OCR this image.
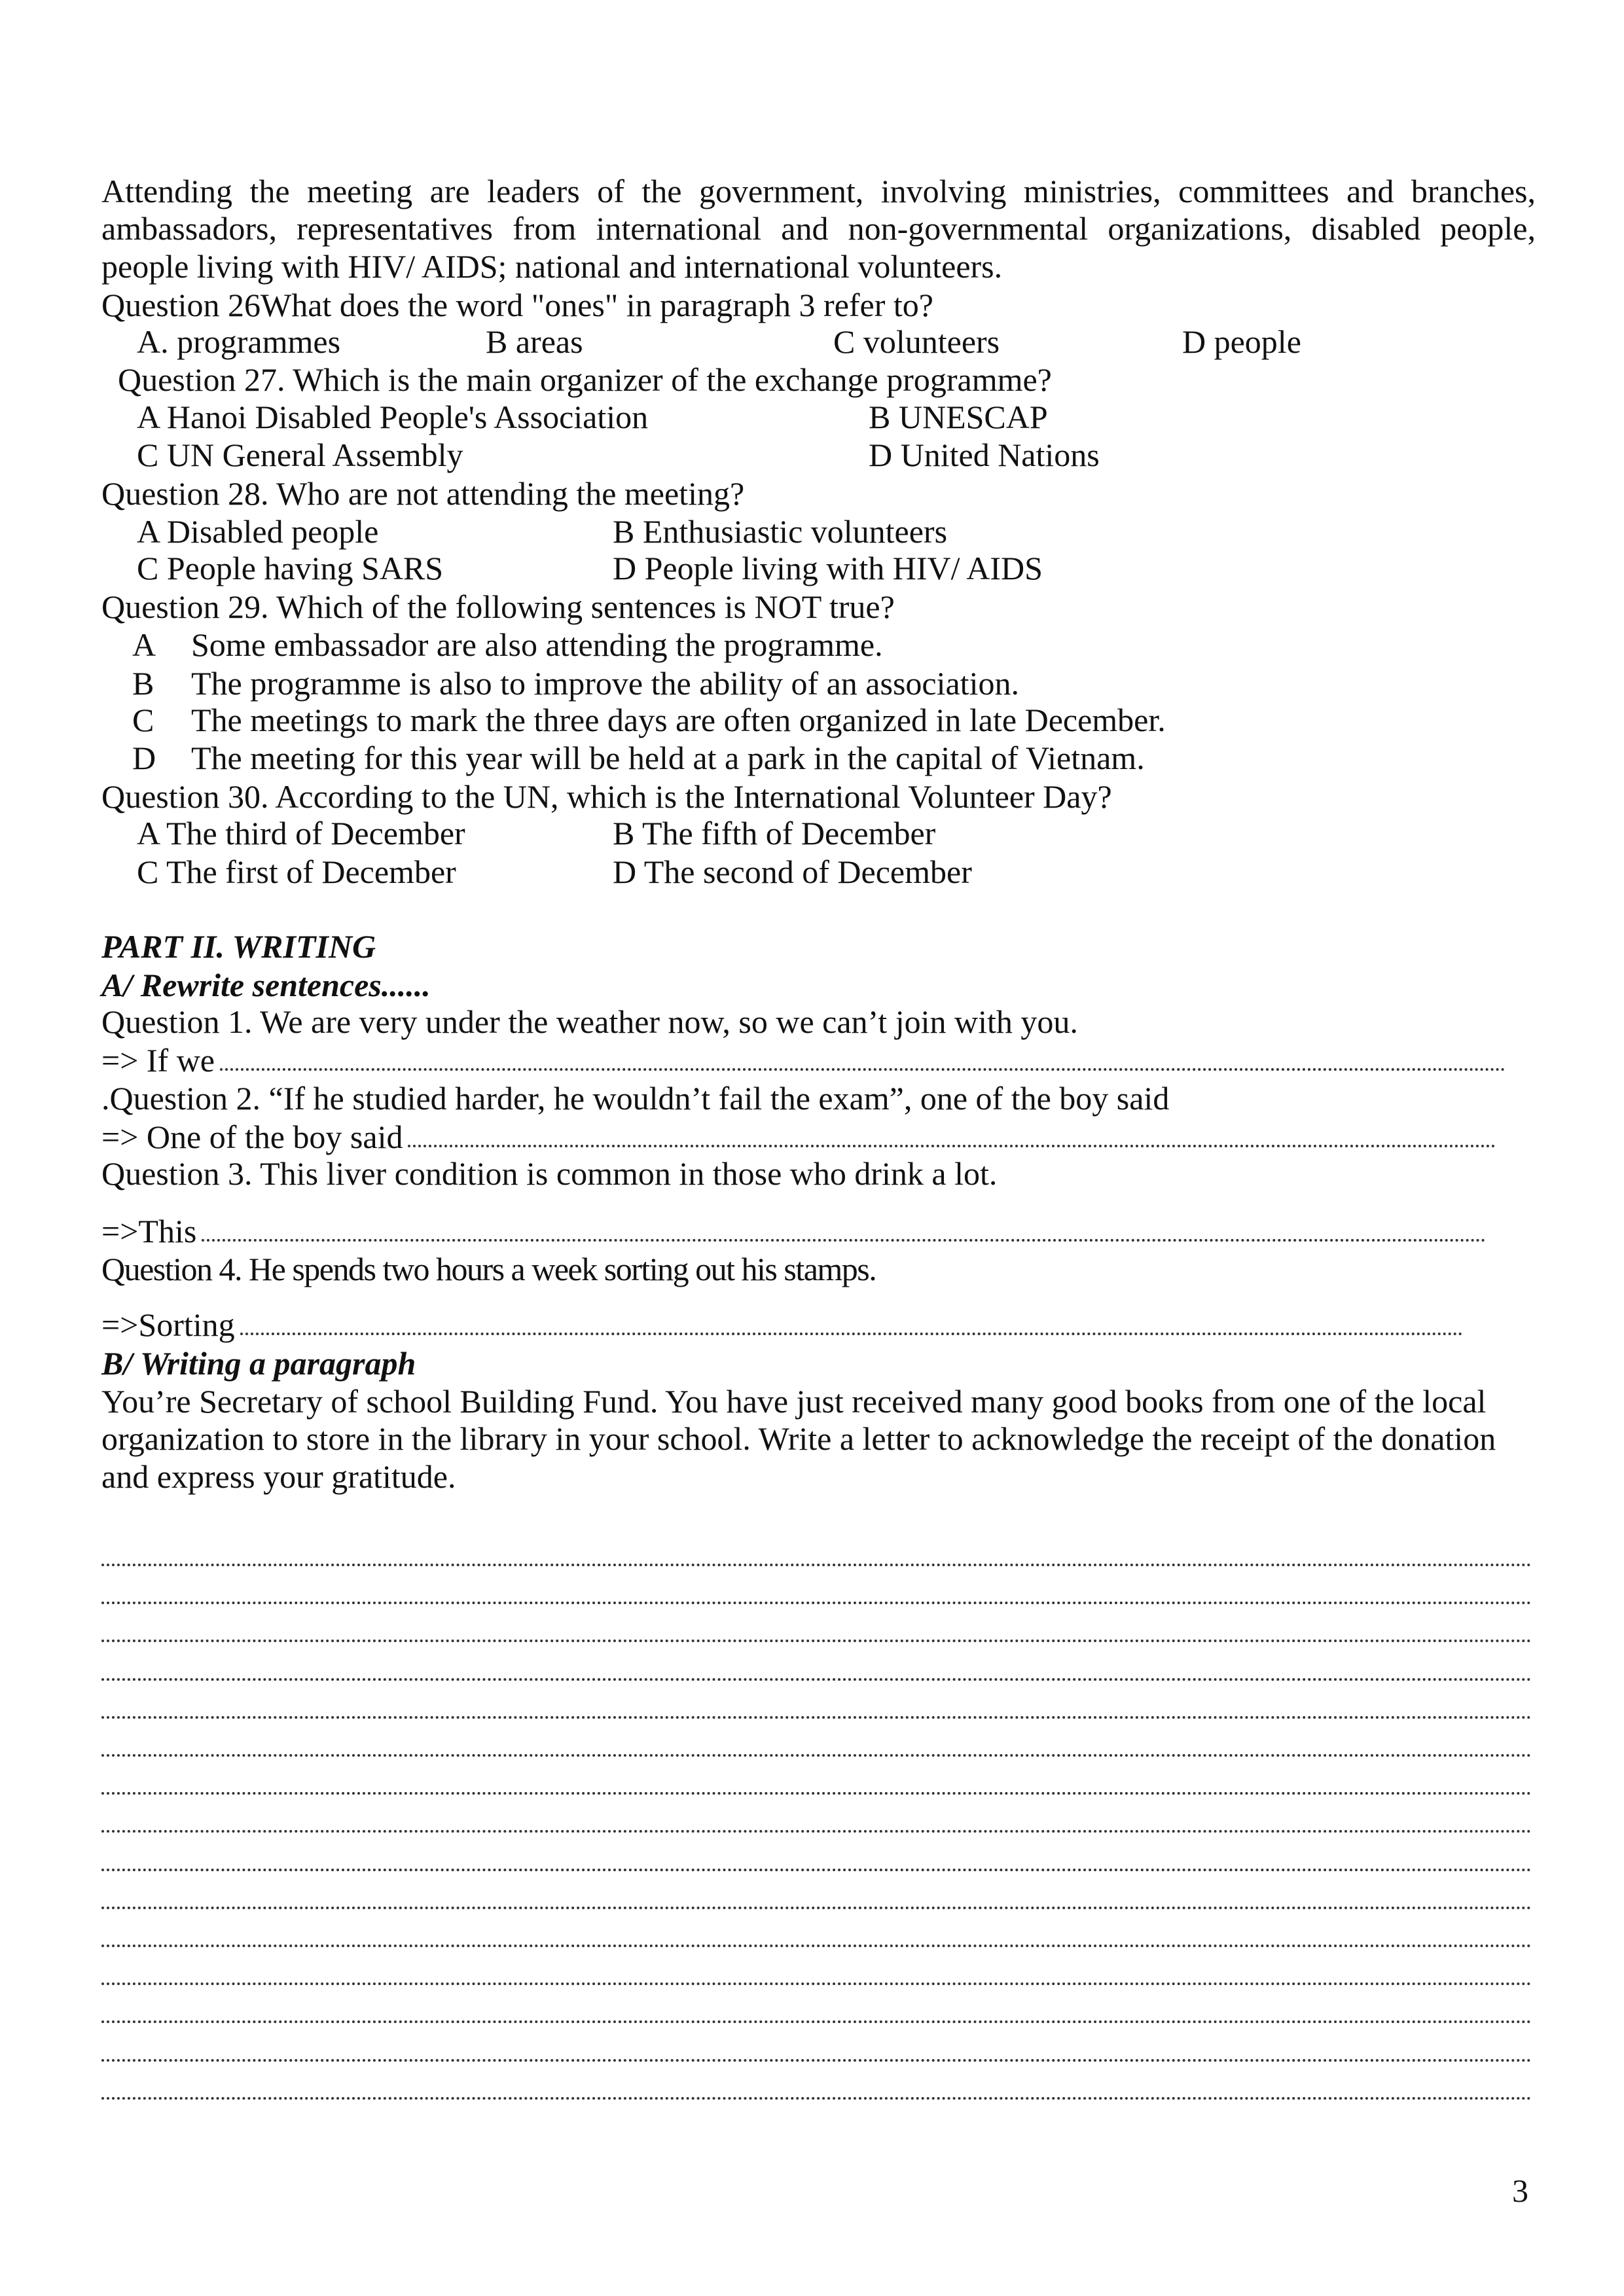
Attending the meeting are leaders of the government, involving ministries, committees and branches,
ambassadors, representatives from international and non-governmental organizations, disabled people,
people living with HIV/ AIDS; national and international volunteers.
Question 26What does the word "ones" in paragraph 3 refer to?
A. programmes	B areas	C volunteers	D people
Question 27. Which is the main organizer of the exchange programme?
A Hanoi Disabled People's Association	B UNESCAP
C UN General Assembly	D United Nations
Question 28. Who are not attending the meeting?
A Disabled people	B Enthusiastic volunteers
C People having SARS	D People living with HIV/ AIDS
Question 29. Which of the following sentences is NOT true?
A Some embassador are also attending the programme.
B The programme is also to improve the ability of an association.
C The meetings to mark the three days are often organized in late December.
D The meeting for this year will be held at a park in the capital of Vietnam.
Question 30. According to the UN, which is the International Volunteer Day?
A The third of December	B The fifth of December
C The first of December	D The second of December
PART II. WRITING
A/ Rewrite sentences......
Question 1. We are very under the weather now, so we can’t join with you.
=> If we
.Question 2. “If he studied harder, he wouldn’t fail the exam”, one of the boy said
=> One of the boy said
Question 3. This liver condition is common in those who drink a lot.
=>This
Question 4. He spends two hours a week sorting out his stamps.
=>Sorting
B/ Writing a paragraph
You’re Secretary of school Building Fund. You have just received many good books from one of the local
organization to store in the library in your school. Write a letter to acknowledge the receipt of the donation
and express your gratitude.
3
